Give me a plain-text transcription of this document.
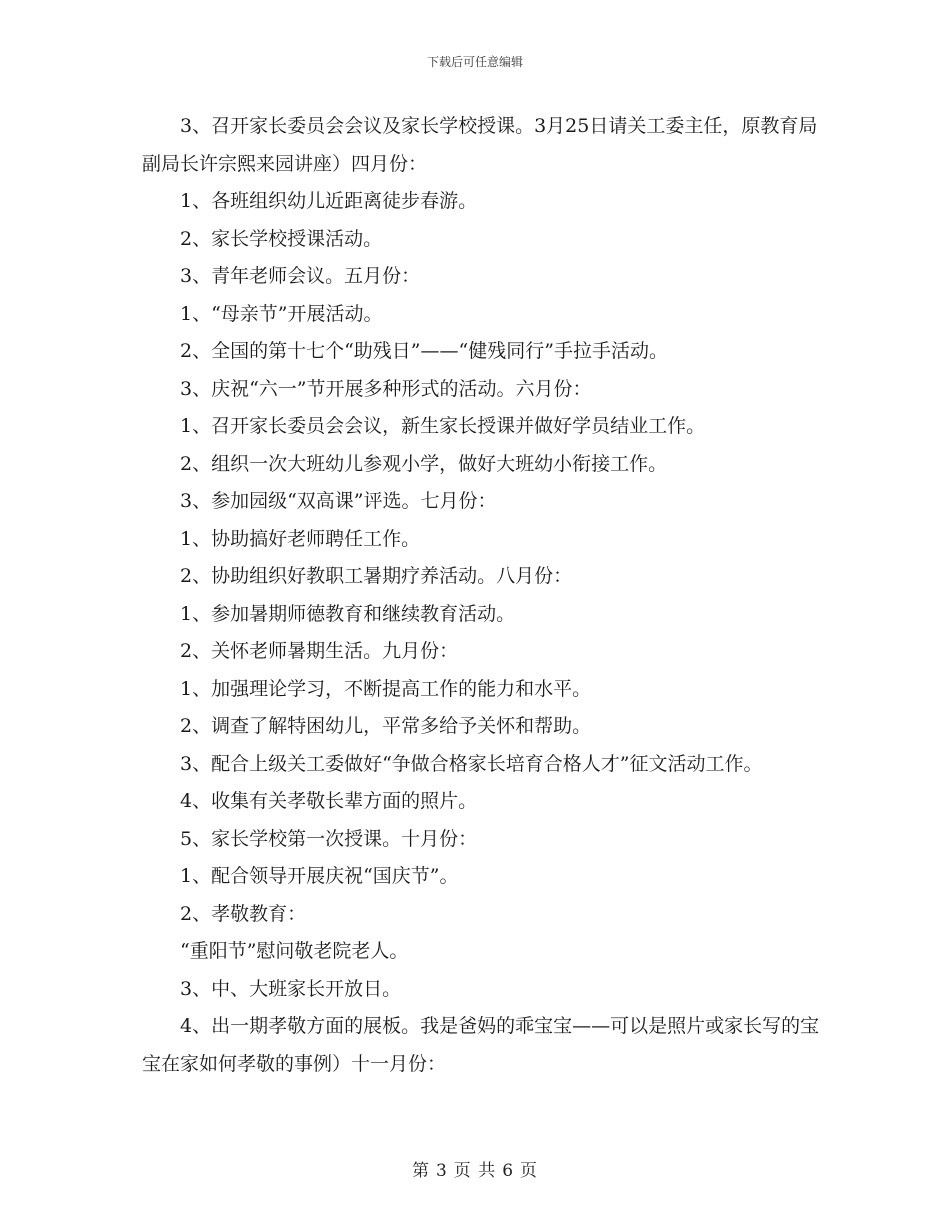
下载后可任意编辑

3、召开家长委员会会议及家长学校授课。3月25日请关工委主任，原教育局副局长许宗熙来园讲座）四月份：

1、各班组织幼儿近距离徒步春游。

2、家长学校授课活动。

3、青年老师会议。五月份：

1、“母亲节”开展活动。

2、全国的第十七个“助残日”——“健残同行”手拉手活动。

3、庆祝“六一”节开展多种形式的活动。六月份：

1、召开家长委员会会议，新生家长授课并做好学员结业工作。

2、组织一次大班幼儿参观小学，做好大班幼小衔接工作。

3、参加园级“双高课”评选。七月份：

1、协助搞好老师聘任工作。

2、协助组织好教职工暑期疗养活动。八月份：

1、参加暑期师德教育和继续教育活动。

2、关怀老师暑期生活。九月份：

1、加强理论学习，不断提高工作的能力和水平。

2、调查了解特困幼儿，平常多给予关怀和帮助。

3、配合上级关工委做好“争做合格家长培育合格人才”征文活动工作。

4、收集有关孝敬长辈方面的照片。

5、家长学校第一次授课。十月份：

1、配合领导开展庆祝“国庆节”。

2、孝敬教育：

“重阳节”慰问敬老院老人。

3、中、大班家长开放日。

4、出一期孝敬方面的展板。我是爸妈的乖宝宝——可以是照片或家长写的宝宝在家如何孝敬的事例）十一月份：

第 3 页 共 6 页
